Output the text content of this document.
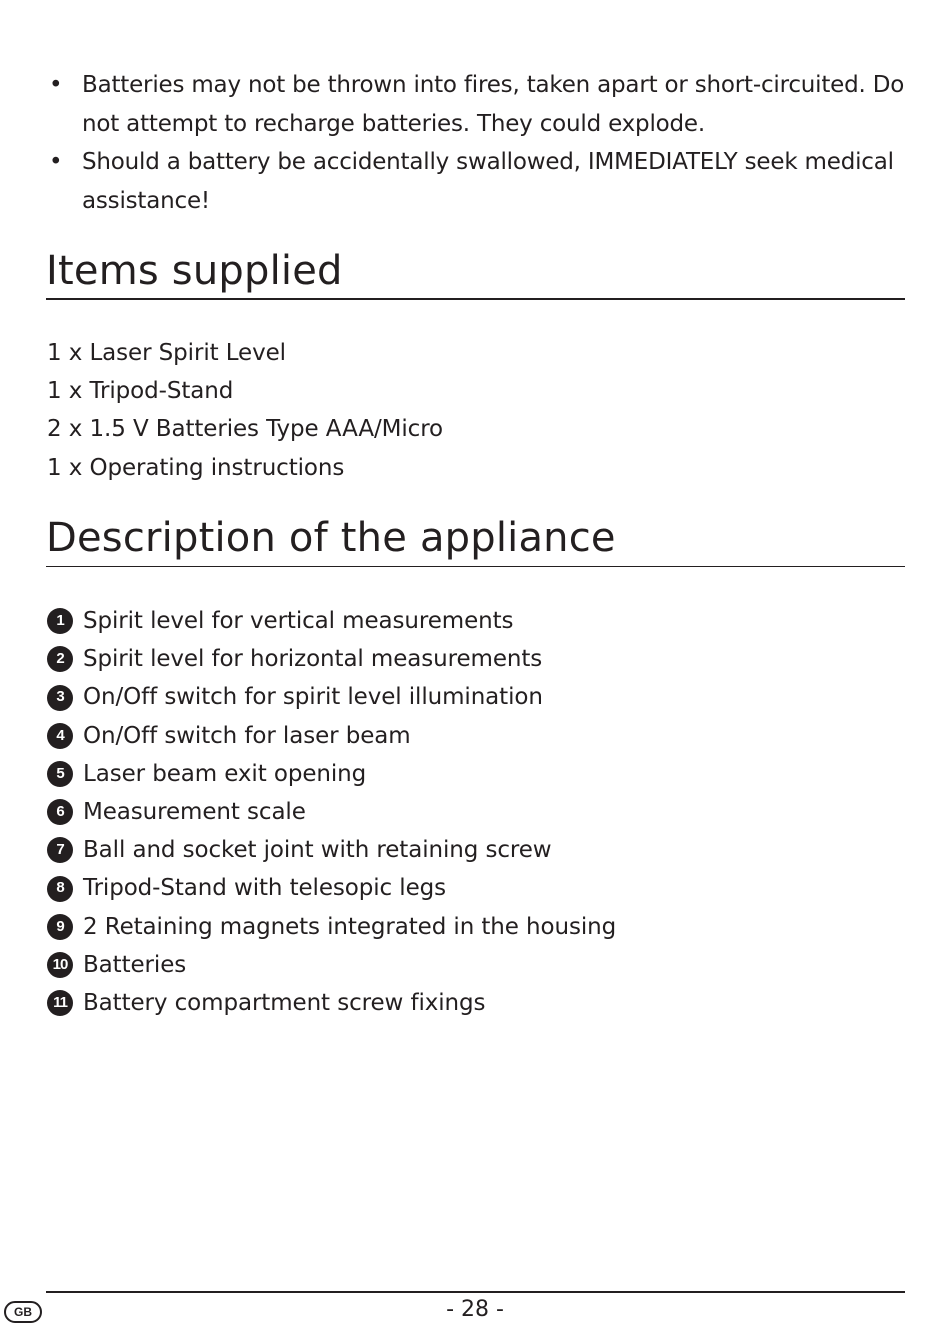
• Batteries may not be thrown into fires, taken apart or short-circuited. Do not attempt to recharge batteries. They could explode.
• Should a battery be accidentally swallowed, IMMEDIATELY seek medical assistance!
Items supplied
1 x Laser Spirit Level
1 x Tripod-Stand
2 x 1.5 V Batteries Type AAA/Micro
1 x Operating instructions
Description of the appliance
1 Spirit level for vertical measurements
2 Spirit level for horizontal measurements
3 On/Off switch for spirit level illumination
4 On/Off switch for laser beam
5 Laser beam exit opening
6 Measurement scale
7 Ball and socket joint with retaining screw
8 Tripod-Stand with telesopic legs
9 2 Retaining magnets integrated in the housing
10 Batteries
11 Battery compartment screw fixings
GB	- 28 -
